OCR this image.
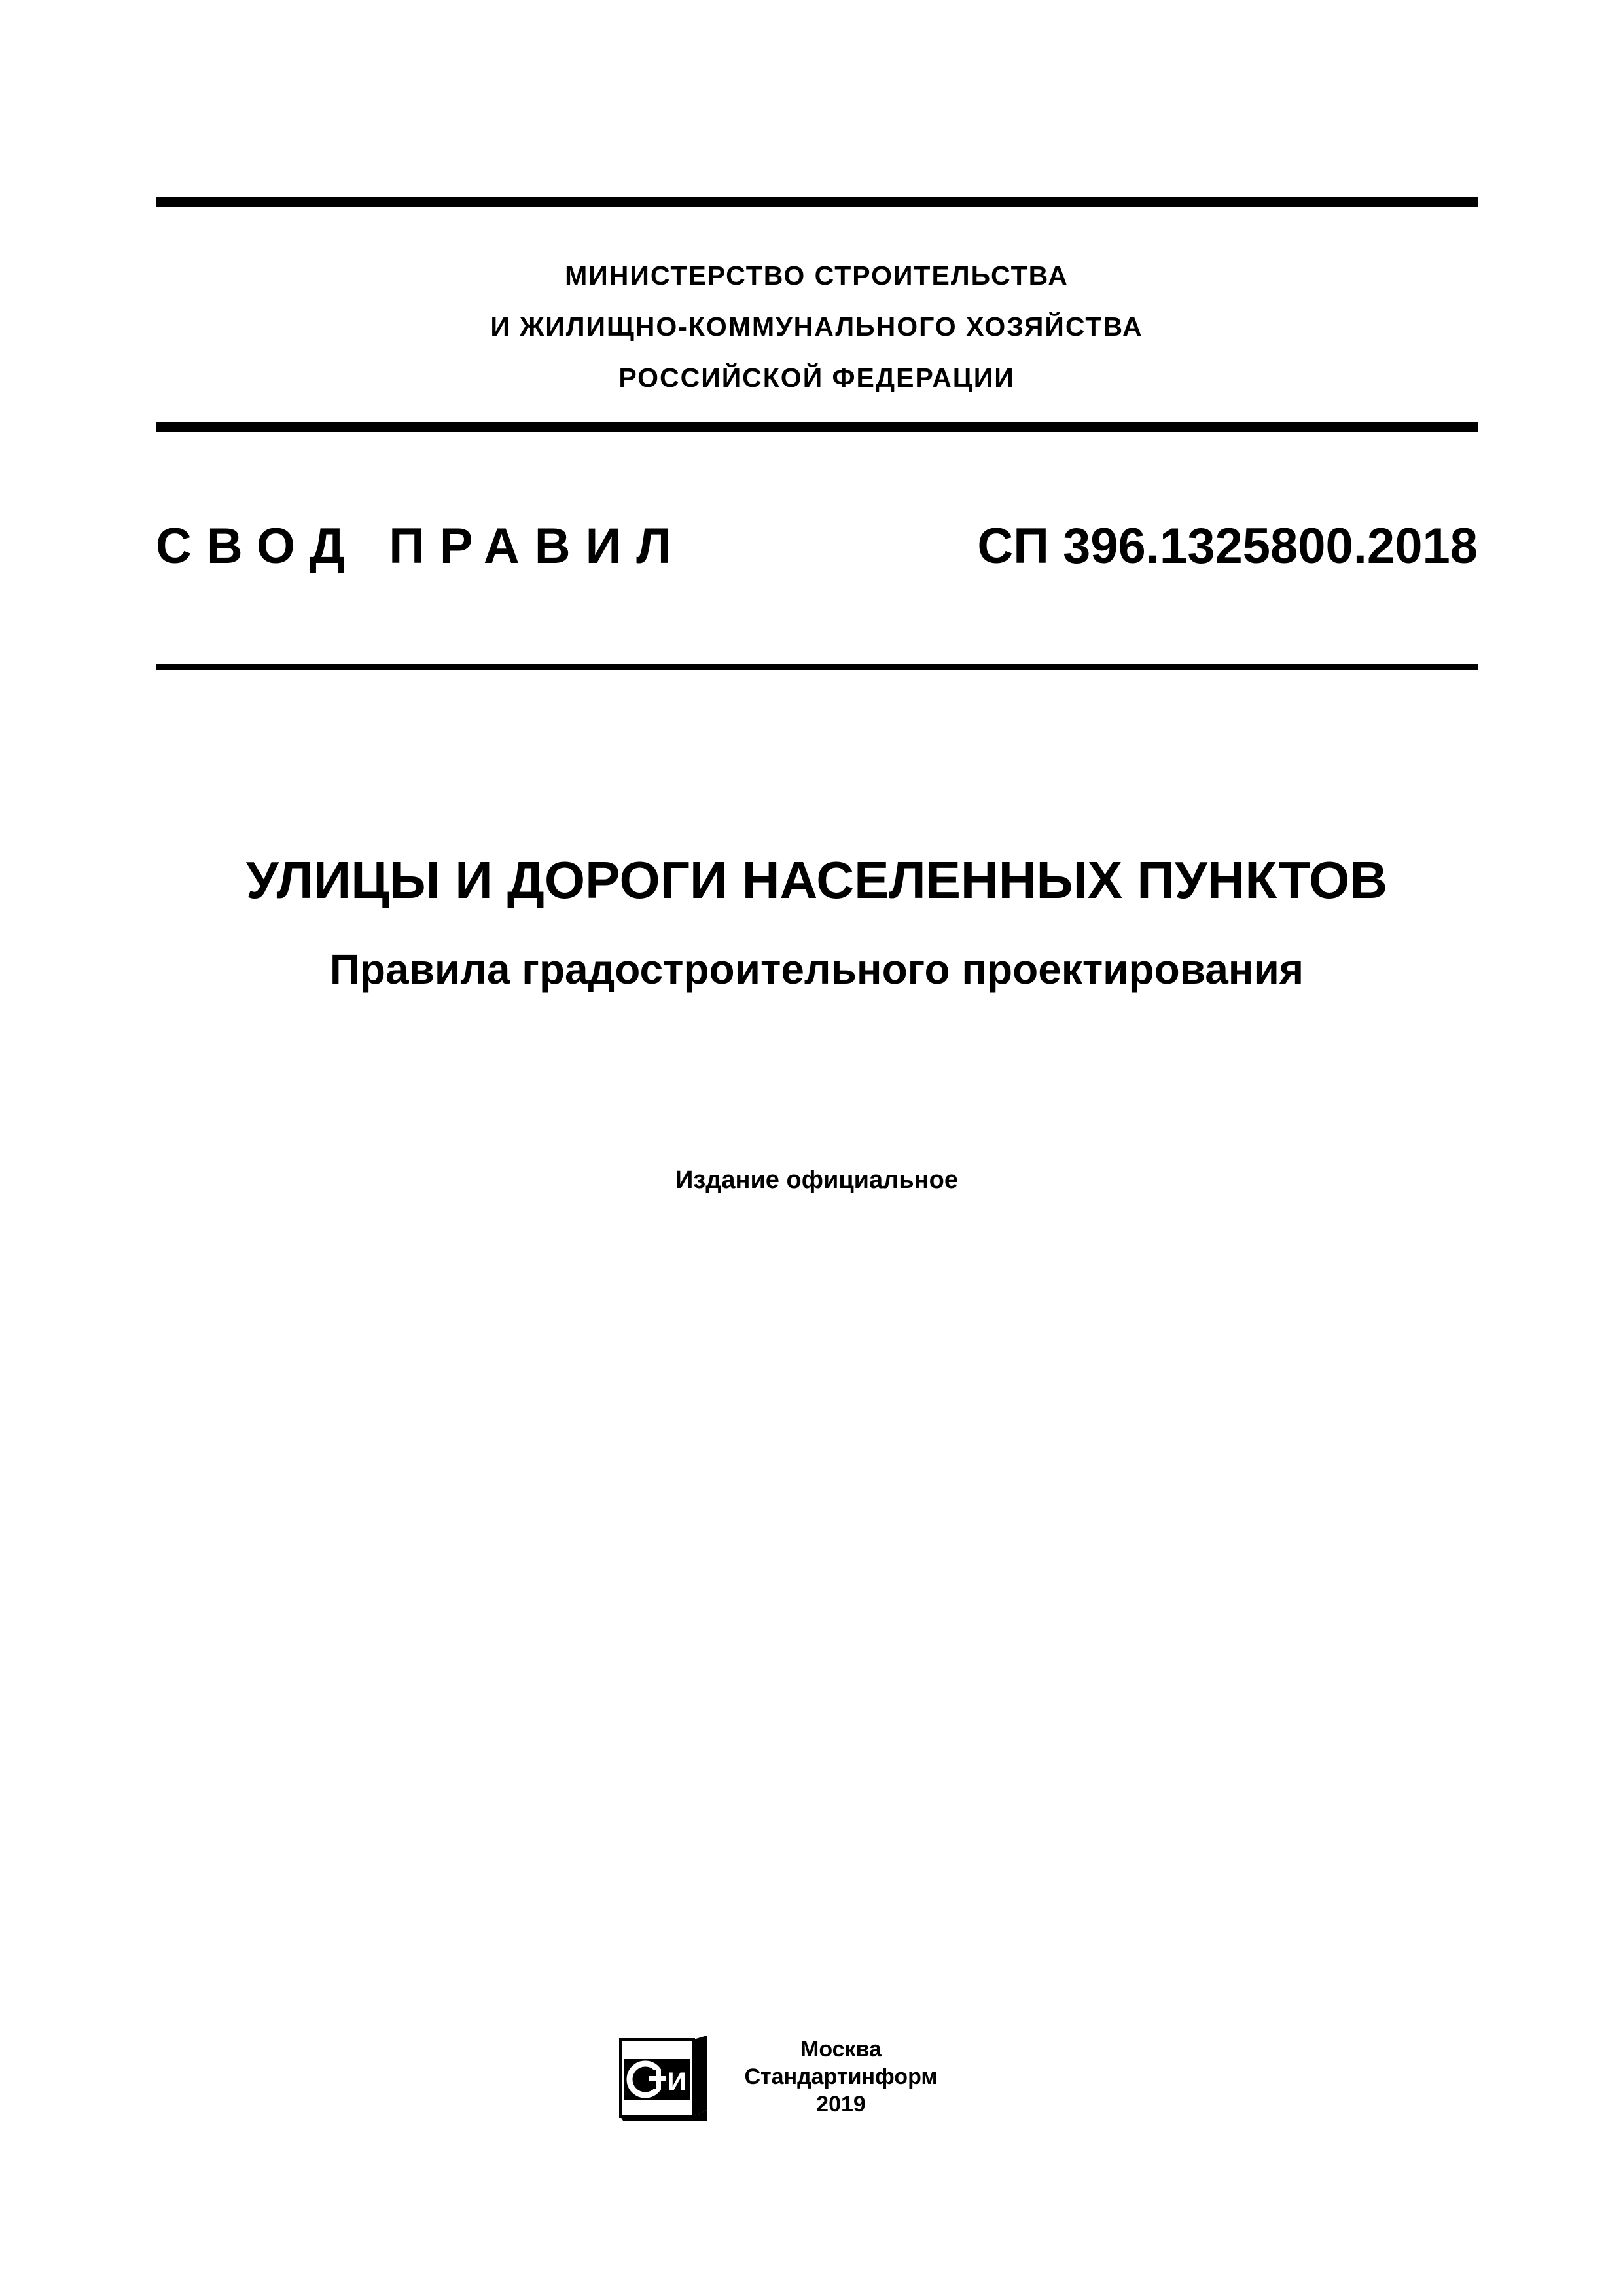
МИНИСТЕРСТВО СТРОИТЕЛЬСТВА
И ЖИЛИЩНО-КОММУНАЛЬНОГО ХОЗЯЙСТВА
РОССИЙСКОЙ ФЕДЕРАЦИИ
СВОД ПРАВИЛ	СП 396.1325800.2018
УЛИЦЫ И ДОРОГИ НАСЕЛЕННЫХ ПУНКТОВ
Правила градостроительного проектирования
Издание официальное
И
Москва
Стандартинформ
2019
